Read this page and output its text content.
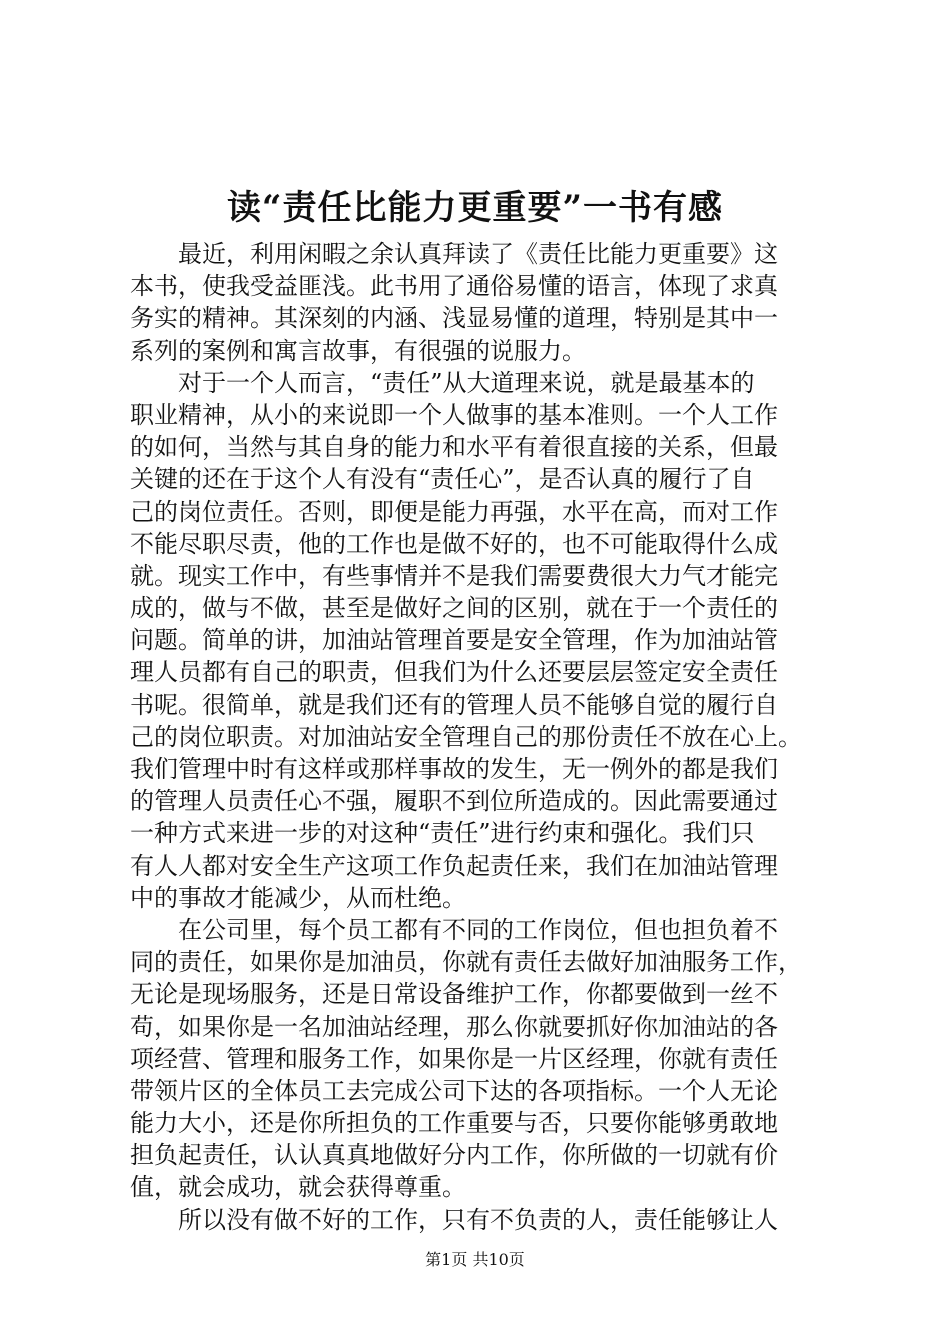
读“责任比能力更重要”一书有感
最近，利用闲暇之余认真拜读了《责任比能力更重要》这
本书，使我受益匪浅。此书用了通俗易懂的语言，体现了求真
务实的精神。其深刻的内涵、浅显易懂的道理，特别是其中一
系列的案例和寓言故事，有很强的说服力。
对于一个人而言，“责任”从大道理来说，就是最基本的
职业精神，从小的来说即一个人做事的基本准则。一个人工作
的如何，当然与其自身的能力和水平有着很直接的关系，但最
关键的还在于这个人有没有“责任心”，是否认真的履行了自
己的岗位责任。否则，即便是能力再强，水平在高，而对工作
不能尽职尽责，他的工作也是做不好的，也不可能取得什么成
就。现实工作中，有些事情并不是我们需要费很大力气才能完
成的，做与不做，甚至是做好之间的区别，就在于一个责任的
问题。简单的讲，加油站管理首要是安全管理，作为加油站管
理人员都有自己的职责，但我们为什么还要层层签定安全责任
书呢。很简单，就是我们还有的管理人员不能够自觉的履行自
己的岗位职责。对加油站安全管理自己的那份责任不放在心上。
我们管理中时有这样或那样事故的发生，无一例外的都是我们
的管理人员责任心不强，履职不到位所造成的。因此需要通过
一种方式来进一步的对这种“责任”进行约束和强化。我们只
有人人都对安全生产这项工作负起责任来，我们在加油站管理
中的事故才能减少，从而杜绝。
在公司里，每个员工都有不同的工作岗位，但也担负着不
同的责任，如果你是加油员，你就有责任去做好加油服务工作，
无论是现场服务，还是日常设备维护工作，你都要做到一丝不
苟，如果你是一名加油站经理，那么你就要抓好你加油站的各
项经营、管理和服务工作，如果你是一片区经理，你就有责任
带领片区的全体员工去完成公司下达的各项指标。一个人无论
能力大小，还是你所担负的工作重要与否，只要你能够勇敢地
担负起责任，认认真真地做好分内工作，你所做的一切就有价
值，就会成功，就会获得尊重。
所以没有做不好的工作，只有不负责的人，责任能够让人
第1页 共10页
